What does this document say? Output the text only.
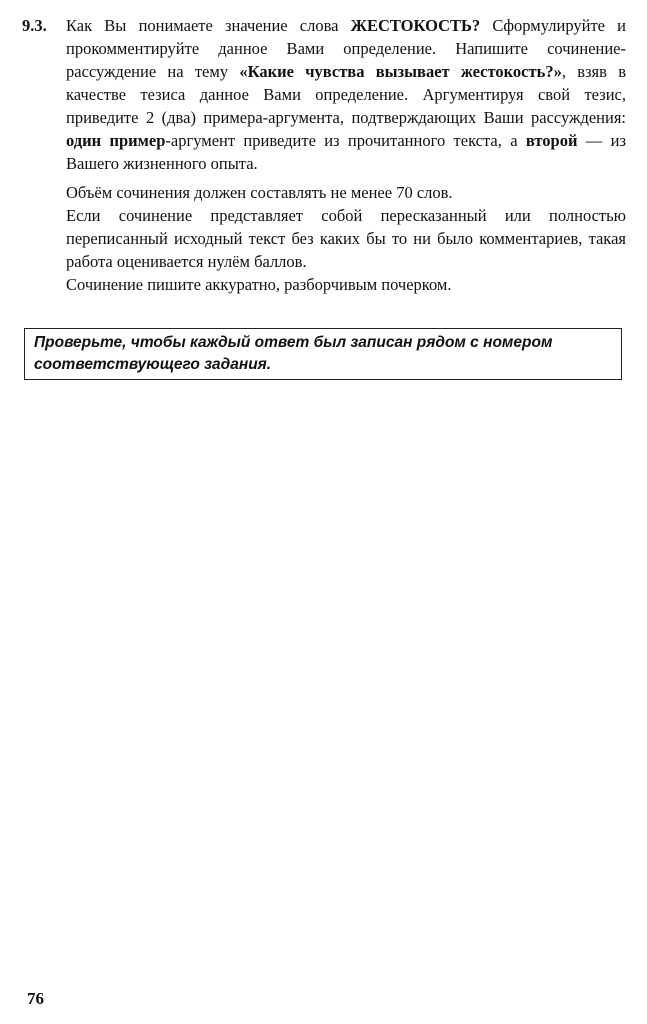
9.3. Как Вы понимаете значение слова ЖЕСТОКОСТЬ? Сформулируйте и прокомментируйте данное Вами определение. Напишите сочинение-рассуждение на тему «Какие чувства вызывает жестокость?», взяв в качестве тезиса данное Вами определение. Аргументируя свой тезис, приведите 2 (два) примера-аргумента, подтверждающих Ваши рассуждения: один пример-аргумент приведите из прочитанного текста, а второй — из Вашего жизненного опыта.

Объём сочинения должен составлять не менее 70 слов.

Если сочинение представляет собой пересказанный или полностью переписанный исходный текст без каких бы то ни было комментариев, такая работа оценивается нулём баллов.

Сочинение пишите аккуратно, разборчивым почерком.

Проверьте, чтобы каждый ответ был записан рядом с номером соответствующего задания.

76
